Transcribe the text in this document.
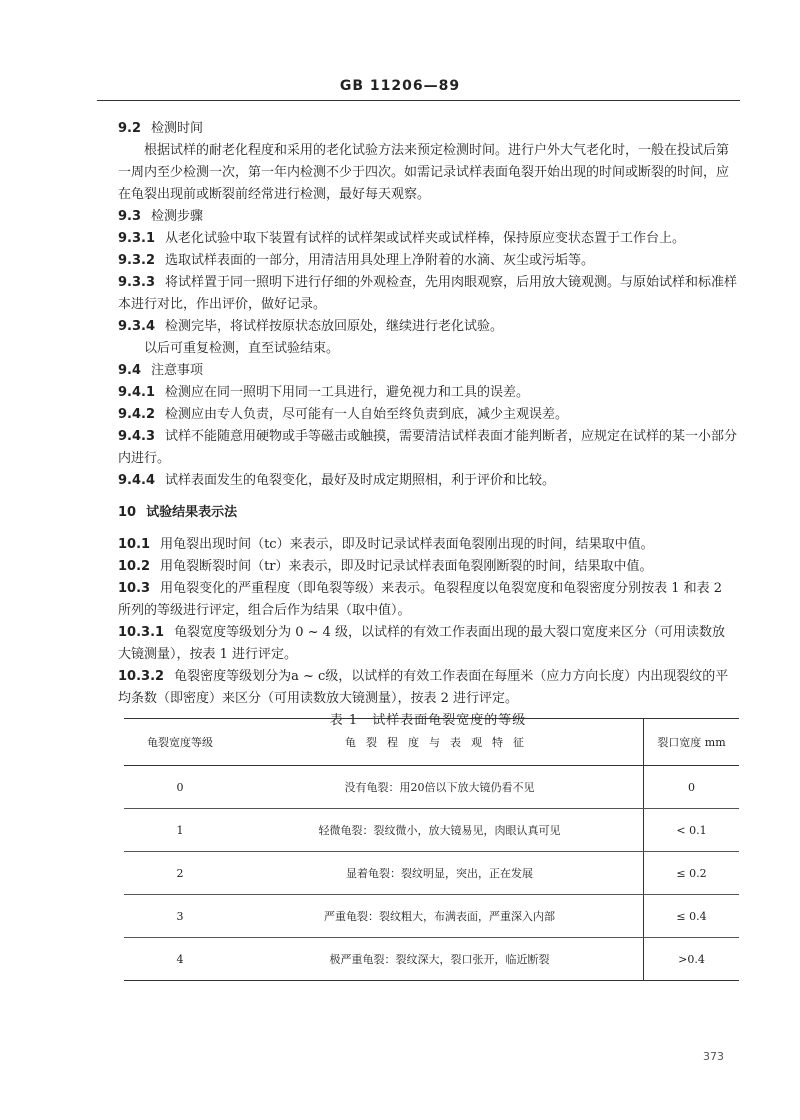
GB 11206—89

9.2 检测时间

根据试样的耐老化程度和采用的老化试验方法来预定检测时间。进行户外大气老化时，一般在投试后第一周内至少检测一次，第一年内检测不少于四次。如需记录试样表面龟裂开始出现的时间或断裂的时间，应在龟裂出现前或断裂前经常进行检测，最好每天观察。

9.3 检测步骤

9.3.1 从老化试验中取下装置有试样的试样架或试样夹或试样棒，保持原应变状态置于工作台上。

9.3.2 选取试样表面的一部分，用清洁用具处理上净附着的水滴、灰尘或污垢等。

9.3.3 将试样置于同一照明下进行仔细的外观检查，先用肉眼观察，后用放大镜观测。与原始试样和标准样本进行对比，作出评价，做好记录。

9.3.4 检测完毕，将试样按原状态放回原处，继续进行老化试验。

以后可重复检测，直至试验结束。

9.4 注意事项

9.4.1 检测应在同一照明下用同一工具进行，避免视力和工具的误差。

9.4.2 检测应由专人负责，尽可能有一人自始至终负责到底，减少主观误差。

9.4.3 试样不能随意用硬物或手等磁击或触摸，需要清洁试样表面才能判断者，应规定在试样的某一小部分内进行。

9.4.4 试样表面发生的龟裂变化，最好及时成定期照相，利于评价和比较。

10 试验结果表示法

10.1 用龟裂出现时间（tc）来表示，即及时记录试样表面龟裂刚出现的时间，结果取中值。

10.2 用龟裂断裂时间（tr）来表示，即及时记录试样表面龟裂刚断裂的时间，结果取中值。

10.3 用龟裂变化的严重程度（即龟裂等级）来表示。龟裂程度以龟裂宽度和龟裂密度分别按表 1 和表 2 所列的等级进行评定，组合后作为结果（取中值）。

10.3.1 龟裂宽度等级划分为 0 ~ 4 级，以试样的有效工作表面出现的最大裂口宽度来区分（可用读数放大镜测量），按表 1 进行评定。

10.3.2 龟裂密度等级划分为a ~ c级，以试样的有效工作表面在每厘米（应力方向长度）内出现裂纹的平均条数（即密度）来区分（可用读数放大镜测量），按表 2 进行评定。

表 1　试样表面龟裂宽度的等级

龟裂宽度等级	龟裂程度与表观特征	裂口宽度 mm
0	没有龟裂：用20倍以下放大镜仍看不见	0
1	轻微龟裂：裂纹微小，放大镜易见，肉眼认真可见	< 0.1
2	显着龟裂：裂纹明显，突出，正在发展	≤ 0.2
3	严重龟裂：裂纹粗大，布满表面，严重深入内部	≤ 0.4
4	极严重龟裂：裂纹深大，裂口张开，临近断裂	>0.4
373
